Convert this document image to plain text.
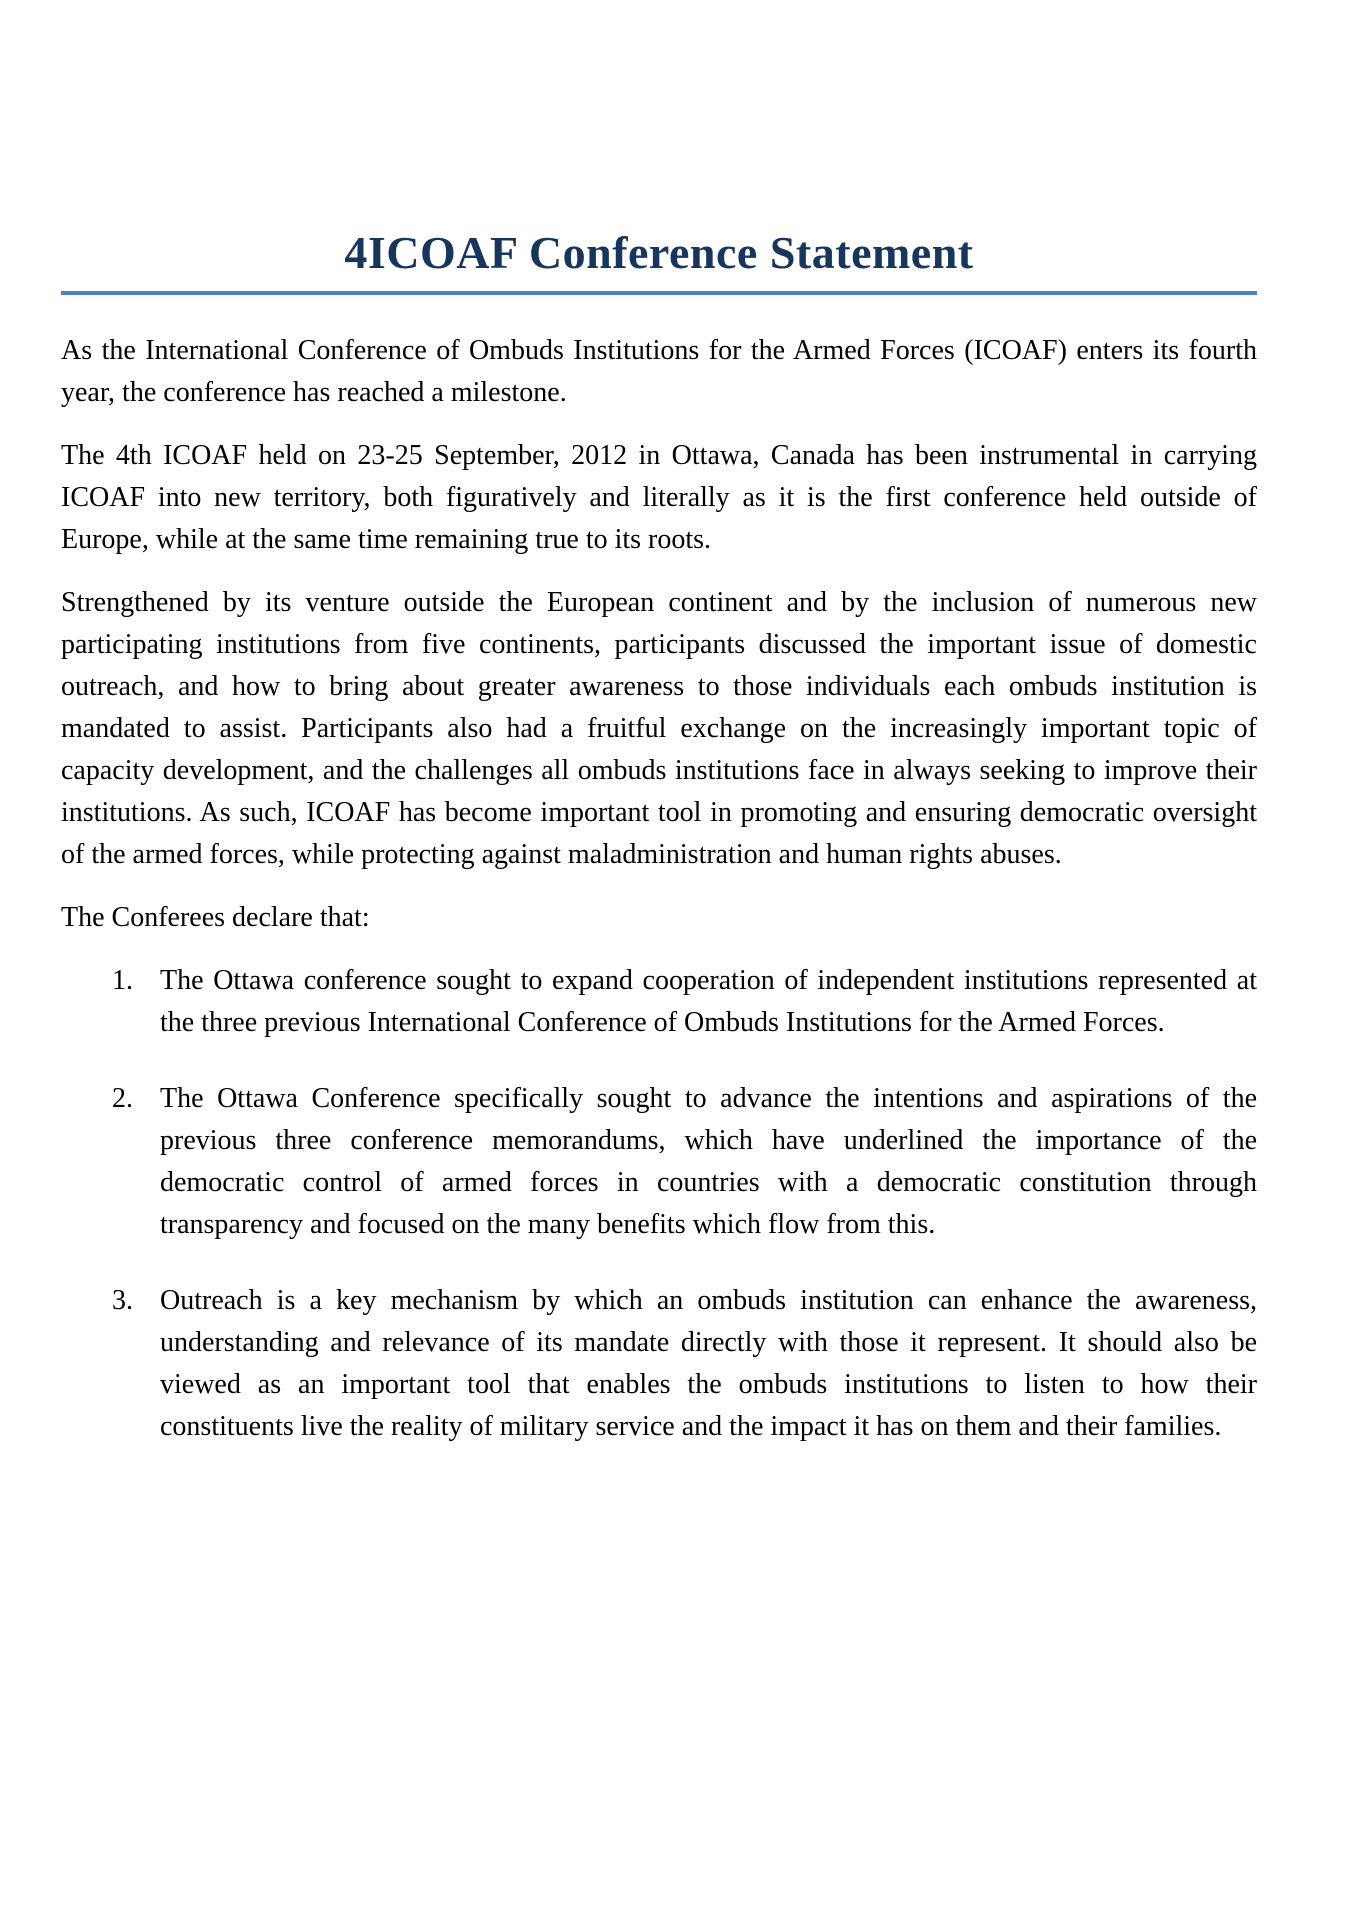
4ICOAF Conference Statement

As the International Conference of Ombuds Institutions for the Armed Forces (ICOAF) enters its fourth year, the conference has reached a milestone.

The 4th ICOAF held on 23-25 September, 2012 in Ottawa, Canada has been instrumental in carrying ICOAF into new territory, both figuratively and literally as it is the first conference held outside of Europe, while at the same time remaining true to its roots.

Strengthened by its venture outside the European continent and by the inclusion of numerous new participating institutions from five continents, participants discussed the important issue of domestic outreach, and how to bring about greater awareness to those individuals each ombuds institution is mandated to assist. Participants also had a fruitful exchange on the increasingly important topic of capacity development, and the challenges all ombuds institutions face in always seeking to improve their institutions. As such, ICOAF has become important tool in promoting and ensuring democratic oversight of the armed forces, while protecting against maladministration and human rights abuses.

The Conferees declare that:

1. The Ottawa conference sought to expand cooperation of independent institutions represented at the three previous International Conference of Ombuds Institutions for the Armed Forces.
2. The Ottawa Conference specifically sought to advance the intentions and aspirations of the previous three conference memorandums, which have underlined the importance of the democratic control of armed forces in countries with a democratic constitution through transparency and focused on the many benefits which flow from this.
3. Outreach is a key mechanism by which an ombuds institution can enhance the awareness, understanding and relevance of its mandate directly with those it represent. It should also be viewed as an important tool that enables the ombuds institutions to listen to how their constituents live the reality of military service and the impact it has on them and their families.
